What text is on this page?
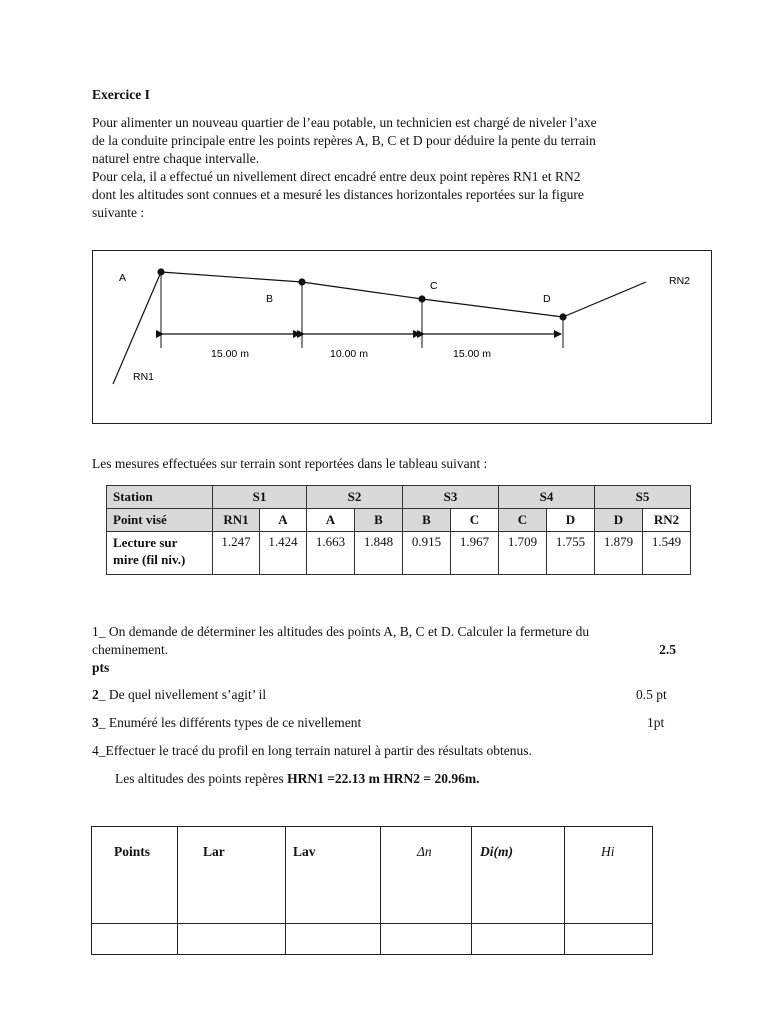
Exercice I
Pour alimenter un nouveau quartier de l’eau potable, un technicien est chargé de niveler l’axe
de la conduite principale entre les points repères A, B, C et D pour déduire la pente du terrain
naturel entre chaque intervalle.
Pour cela, il a effectué un nivellement direct encadré entre deux point repères RN1 et RN2
dont les altitudes sont connues et a mesuré les distances horizontales reportées sur la figure
suivante :
A
B
C
D
RN1
RN2
15.00 m	10.00 m	15.00 m
Les mesures effectuées sur terrain sont reportées dans le tableau suivant :
Station	S1		S2		S3		S4		S5	
Point visé	RN1	A	A	B	B	C	C	D	D	RN2
Lecture sur
mire (fil niv.)	1.247	1.424	1.663	1.848	0.915	1.967	1.709	1.755	1.879	1.549
1_ On demande de déterminer les altitudes des points A, B, C et D. Calculer la fermeture du
cheminement.	2.5
pts
2_ De quel nivellement s’agit’ il	0.5 pt
3_ Enuméré les différents types de ce nivellement	1pt
4_Effectuer le tracé du profil en long terrain naturel à partir des résultats obtenus.
Les altitudes des points repères HRN1 =22.13 m HRN2 = 20.96m.
Points	Lar	Lav	Δn	Di(m)	Hi
